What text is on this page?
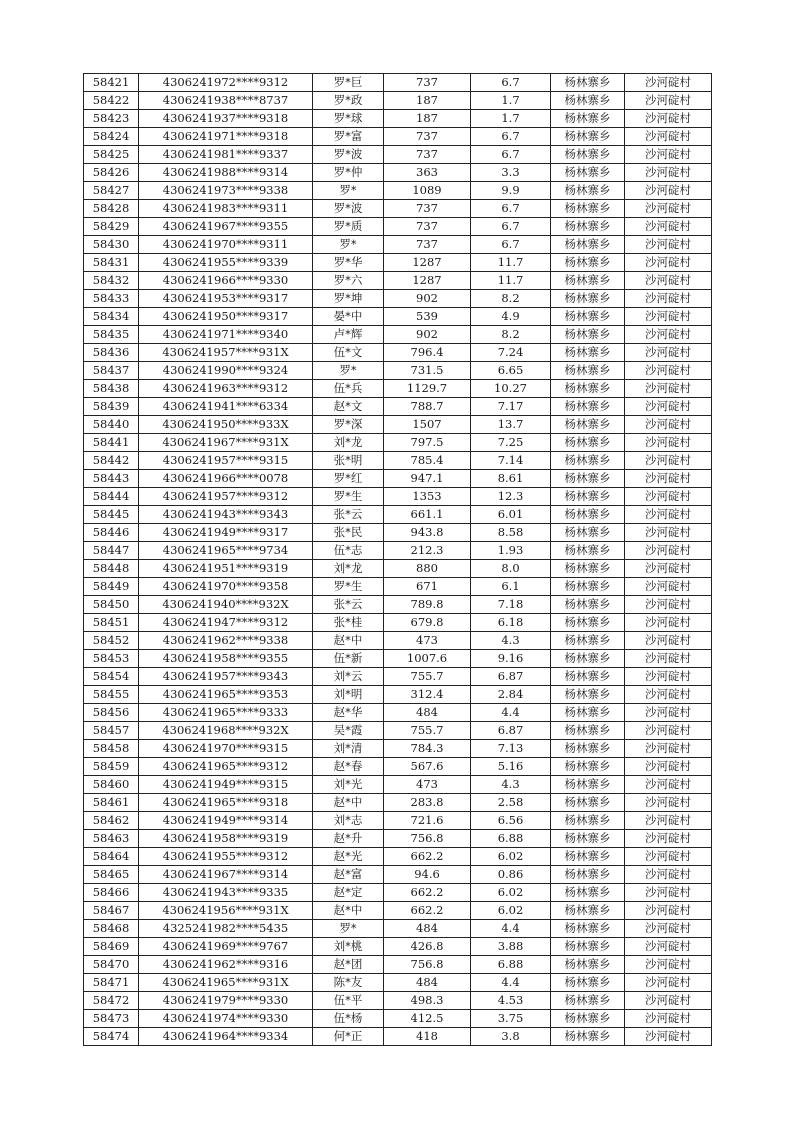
58421	4306241972****9312	罗*巨	737	6.7	杨林寨乡	沙河碇村
58422	4306241938****8737	罗*政	187	1.7	杨林寨乡	沙河碇村
58423	4306241937****9318	罗*球	187	1.7	杨林寨乡	沙河碇村
58424	4306241971****9318	罗*富	737	6.7	杨林寨乡	沙河碇村
58425	4306241981****9337	罗*波	737	6.7	杨林寨乡	沙河碇村
58426	4306241988****9314	罗*仲	363	3.3	杨林寨乡	沙河碇村
58427	4306241973****9338	罗*	1089	9.9	杨林寨乡	沙河碇村
58428	4306241983****9311	罗*波	737	6.7	杨林寨乡	沙河碇村
58429	4306241967****9355	罗*质	737	6.7	杨林寨乡	沙河碇村
58430	4306241970****9311	罗*	737	6.7	杨林寨乡	沙河碇村
58431	4306241955****9339	罗*华	1287	11.7	杨林寨乡	沙河碇村
58432	4306241966****9330	罗*六	1287	11.7	杨林寨乡	沙河碇村
58433	4306241953****9317	罗*坤	902	8.2	杨林寨乡	沙河碇村
58434	4306241950****9317	晏*中	539	4.9	杨林寨乡	沙河碇村
58435	4306241971****9340	卢*辉	902	8.2	杨林寨乡	沙河碇村
58436	4306241957****931X	伍*文	796.4	7.24	杨林寨乡	沙河碇村
58437	4306241990****9324	罗*	731.5	6.65	杨林寨乡	沙河碇村
58438	4306241963****9312	伍*兵	1129.7	10.27	杨林寨乡	沙河碇村
58439	4306241941****6334	赵*文	788.7	7.17	杨林寨乡	沙河碇村
58440	4306241950****933X	罗*深	1507	13.7	杨林寨乡	沙河碇村
58441	4306241967****931X	刘*龙	797.5	7.25	杨林寨乡	沙河碇村
58442	4306241957****9315	张*明	785.4	7.14	杨林寨乡	沙河碇村
58443	4306241966****0078	罗*红	947.1	8.61	杨林寨乡	沙河碇村
58444	4306241957****9312	罗*生	1353	12.3	杨林寨乡	沙河碇村
58445	4306241943****9343	张*云	661.1	6.01	杨林寨乡	沙河碇村
58446	4306241949****9317	张*民	943.8	8.58	杨林寨乡	沙河碇村
58447	4306241965****9734	伍*志	212.3	1.93	杨林寨乡	沙河碇村
58448	4306241951****9319	刘*龙	880	8.0	杨林寨乡	沙河碇村
58449	4306241970****9358	罗*生	671	6.1	杨林寨乡	沙河碇村
58450	4306241940****932X	张*云	789.8	7.18	杨林寨乡	沙河碇村
58451	4306241947****9312	张*桂	679.8	6.18	杨林寨乡	沙河碇村
58452	4306241962****9338	赵*中	473	4.3	杨林寨乡	沙河碇村
58453	4306241958****9355	伍*新	1007.6	9.16	杨林寨乡	沙河碇村
58454	4306241957****9343	刘*云	755.7	6.87	杨林寨乡	沙河碇村
58455	4306241965****9353	刘*明	312.4	2.84	杨林寨乡	沙河碇村
58456	4306241965****9333	赵*华	484	4.4	杨林寨乡	沙河碇村
58457	4306241968****932X	吴*霞	755.7	6.87	杨林寨乡	沙河碇村
58458	4306241970****9315	刘*清	784.3	7.13	杨林寨乡	沙河碇村
58459	4306241965****9312	赵*春	567.6	5.16	杨林寨乡	沙河碇村
58460	4306241949****9315	刘*光	473	4.3	杨林寨乡	沙河碇村
58461	4306241965****9318	赵*中	283.8	2.58	杨林寨乡	沙河碇村
58462	4306241949****9314	刘*志	721.6	6.56	杨林寨乡	沙河碇村
58463	4306241958****9319	赵*升	756.8	6.88	杨林寨乡	沙河碇村
58464	4306241955****9312	赵*光	662.2	6.02	杨林寨乡	沙河碇村
58465	4306241967****9314	赵*富	94.6	0.86	杨林寨乡	沙河碇村
58466	4306241943****9335	赵*定	662.2	6.02	杨林寨乡	沙河碇村
58467	4306241956****931X	赵*中	662.2	6.02	杨林寨乡	沙河碇村
58468	4325241982****5435	罗*	484	4.4	杨林寨乡	沙河碇村
58469	4306241969****9767	刘*桃	426.8	3.88	杨林寨乡	沙河碇村
58470	4306241962****9316	赵*团	756.8	6.88	杨林寨乡	沙河碇村
58471	4306241965****931X	陈*友	484	4.4	杨林寨乡	沙河碇村
58472	4306241979****9330	伍*平	498.3	4.53	杨林寨乡	沙河碇村
58473	4306241974****9330	伍*杨	412.5	3.75	杨林寨乡	沙河碇村
58474	4306241964****9334	何*正	418	3.8	杨林寨乡	沙河碇村
